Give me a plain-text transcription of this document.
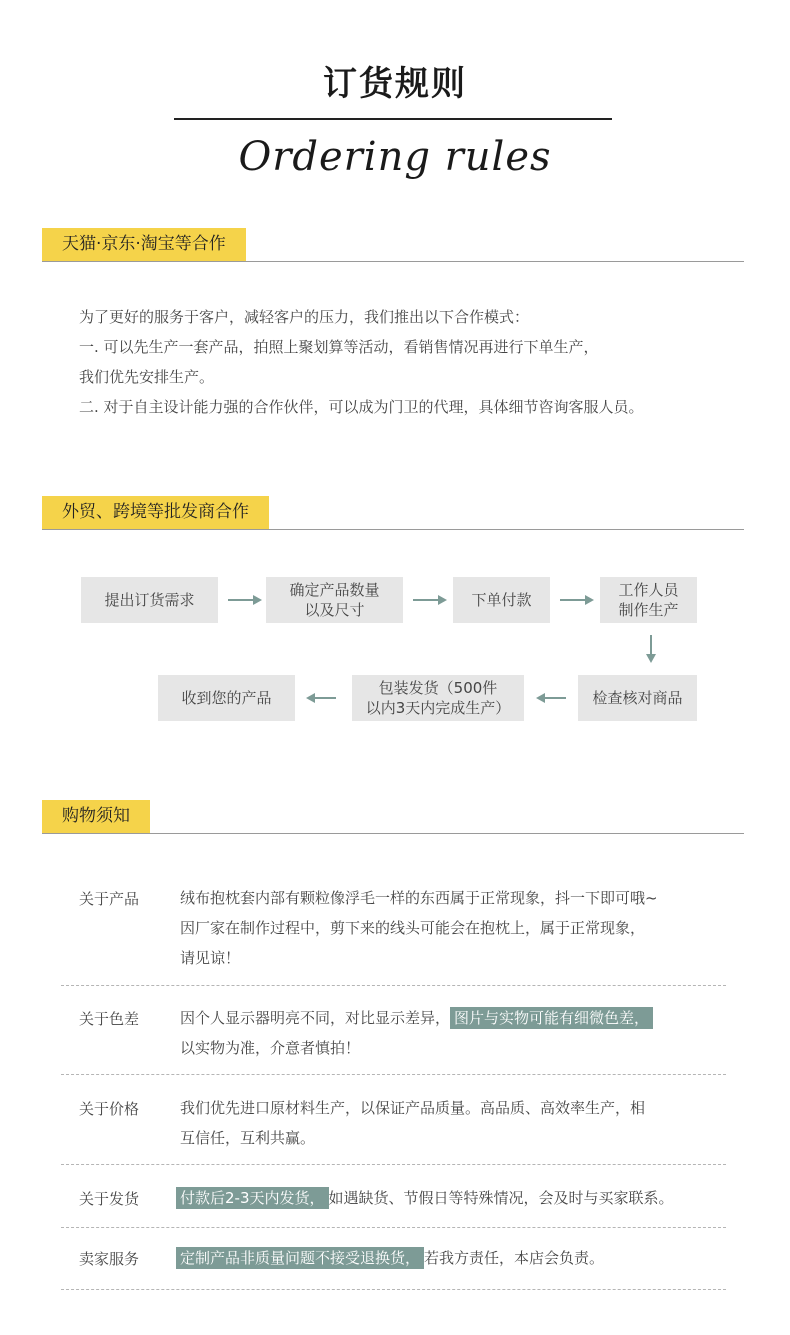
订货规则
Ordering rules
天猫·京东·淘宝等合作
为了更好的服务于客户，减轻客户的压力，我们推出以下合作模式：
一. 可以先生产一套产品，拍照上聚划算等活动，看销售情况再进行下单生产，
我们优先安排生产。
二. 对于自主设计能力强的合作伙伴，可以成为门卫的代理，具体细节咨询客服人员。
外贸、跨境等批发商合作
提出订货需求
确定产品数量
以及尺寸
下单付款
工作人员
制作生产
检查核对商品
包装发货（500件
以内3天内完成生产）
收到您的产品
购物须知
关于产品	绒布抱枕套内部有颗粒像浮毛一样的东西属于正常现象，抖一下即可哦~
因厂家在制作过程中，剪下来的线头可能会在抱枕上，属于正常现象，
请见谅！
关于色差	因个人显示器明亮不同，对比显示差异， 图片与实物可能有细微色差，
以实物为准，介意者慎拍！
关于价格	我们优先进口原材料生产，以保证产品质量。高品质、高效率生产，相
互信任，互利共赢。
关于发货	付款后2-3天内发货， 如遇缺货、节假日等特殊情况，会及时与买家联系。
卖家服务	定制产品非质量问题不接受退换货， 若我方责任，本店会负责。
